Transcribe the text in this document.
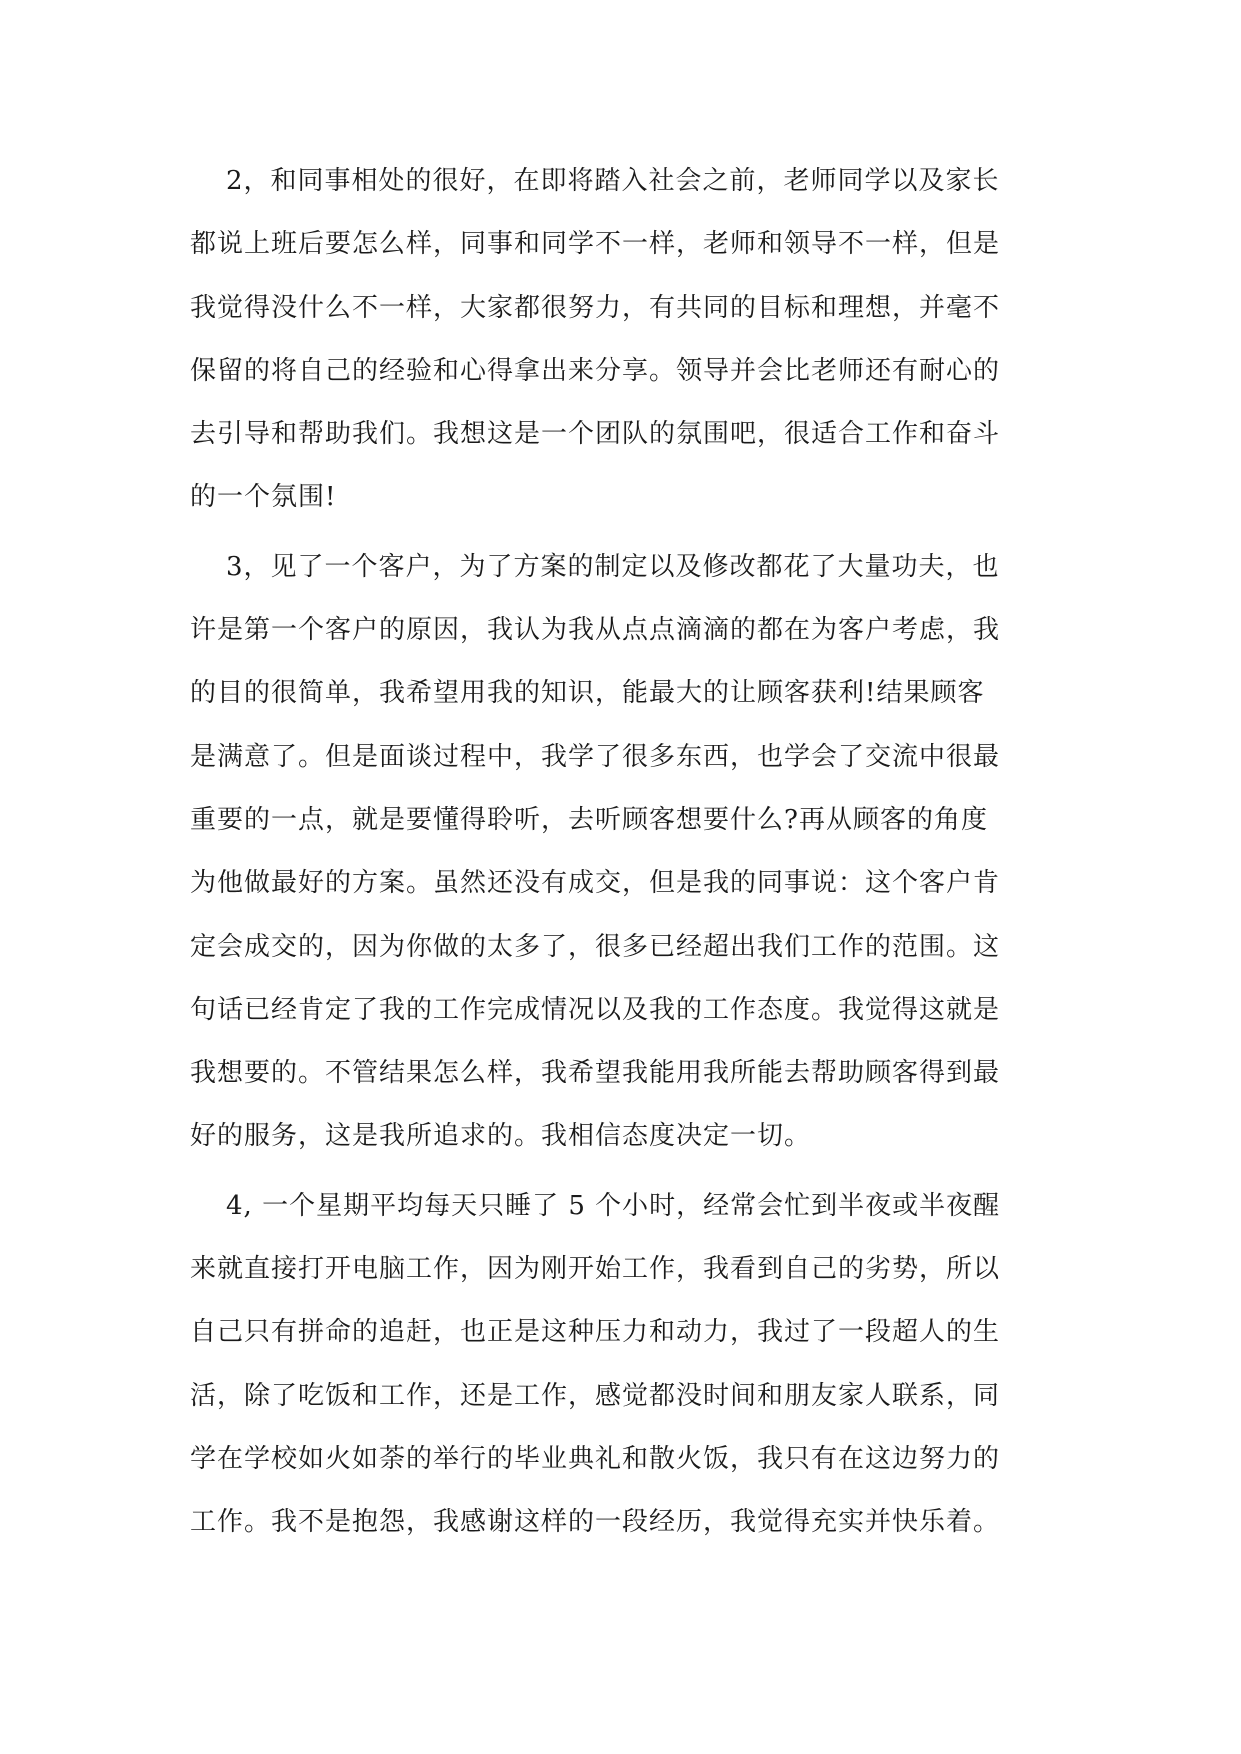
2，和同事相处的很好，在即将踏入社会之前，老师同学以及家长
都说上班后要怎么样，同事和同学不一样，老师和领导不一样，但是
我觉得没什么不一样，大家都很努力，有共同的目标和理想，并毫不
保留的将自己的经验和心得拿出来分享。领导并会比老师还有耐心的
去引导和帮助我们。我想这是一个团队的氛围吧，很适合工作和奋斗
的一个氛围!
3，见了一个客户，为了方案的制定以及修改都花了大量功夫，也
许是第一个客户的原因，我认为我从点点滴滴的都在为客户考虑，我
的目的很简单，我希望用我的知识，能最大的让顾客获利!结果顾客
是满意了。但是面谈过程中，我学了很多东西，也学会了交流中很最
重要的一点，就是要懂得聆听，去听顾客想要什么?再从顾客的角度
为他做最好的方案。虽然还没有成交，但是我的同事说：这个客户肯
定会成交的，因为你做的太多了，很多已经超出我们工作的范围。这
句话已经肯定了我的工作完成情况以及我的工作态度。我觉得这就是
我想要的。不管结果怎么样，我希望我能用我所能去帮助顾客得到最
好的服务，这是我所追求的。我相信态度决定一切。
4, 一个星期平均每天只睡了 5 个小时，经常会忙到半夜或半夜醒
来就直接打开电脑工作，因为刚开始工作，我看到自己的劣势，所以
自己只有拼命的追赶，也正是这种压力和动力，我过了一段超人的生
活，除了吃饭和工作，还是工作，感觉都没时间和朋友家人联系，同
学在学校如火如荼的举行的毕业典礼和散火饭，我只有在这边努力的
工作。我不是抱怨，我感谢这样的一段经历，我觉得充实并快乐着。
